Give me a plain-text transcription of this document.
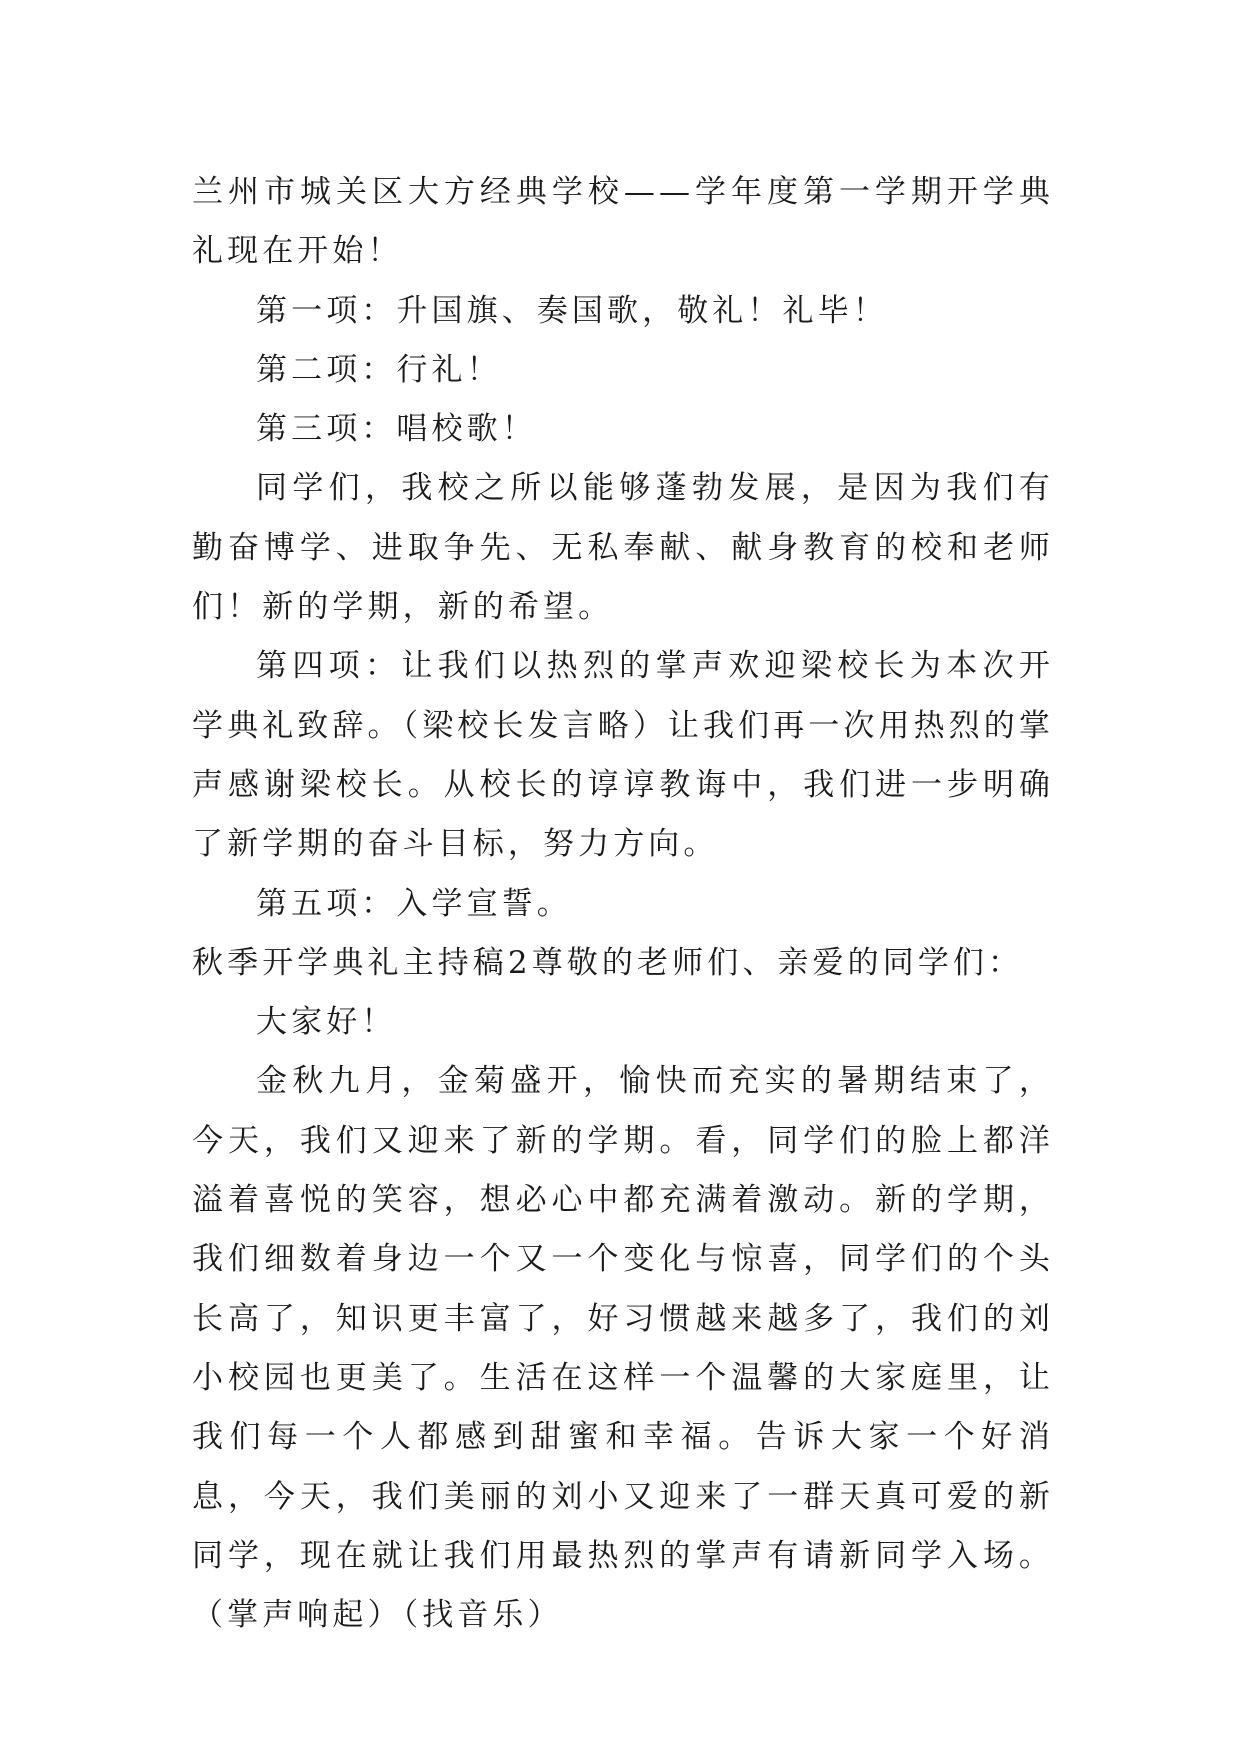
兰州市城关区大方经典学校——学年度第一学期开学典礼现在开始！

第一项：升国旗、奏国歌，敬礼！礼毕！

第二项：行礼！

第三项：唱校歌！

同学们，我校之所以能够蓬勃发展，是因为我们有勤奋博学、进取争先、无私奉献、献身教育的校和老师们！新的学期，新的希望。

第四项：让我们以热烈的掌声欢迎梁校长为本次开学典礼致辞。（梁校长发言略）让我们再一次用热烈的掌声感谢梁校长。从校长的谆谆教诲中，我们进一步明确了新学期的奋斗目标，努力方向。

第五项：入学宣誓。

秋季开学典礼主持稿2尊敬的老师们、亲爱的同学们：

大家好！

金秋九月，金菊盛开，愉快而充实的暑期结束了，今天，我们又迎来了新的学期。看，同学们的脸上都洋溢着喜悦的笑容，想必心中都充满着激动。新的学期，我们细数着身边一个又一个变化与惊喜，同学们的个头长高了，知识更丰富了，好习惯越来越多了，我们的刘小校园也更美了。生活在这样一个温馨的大家庭里，让我们每一个人都感到甜蜜和幸福。告诉大家一个好消息，今天，我们美丽的刘小又迎来了一群天真可爱的新同学，现在就让我们用最热烈的掌声有请新同学入场。（掌声响起）（找音乐）
